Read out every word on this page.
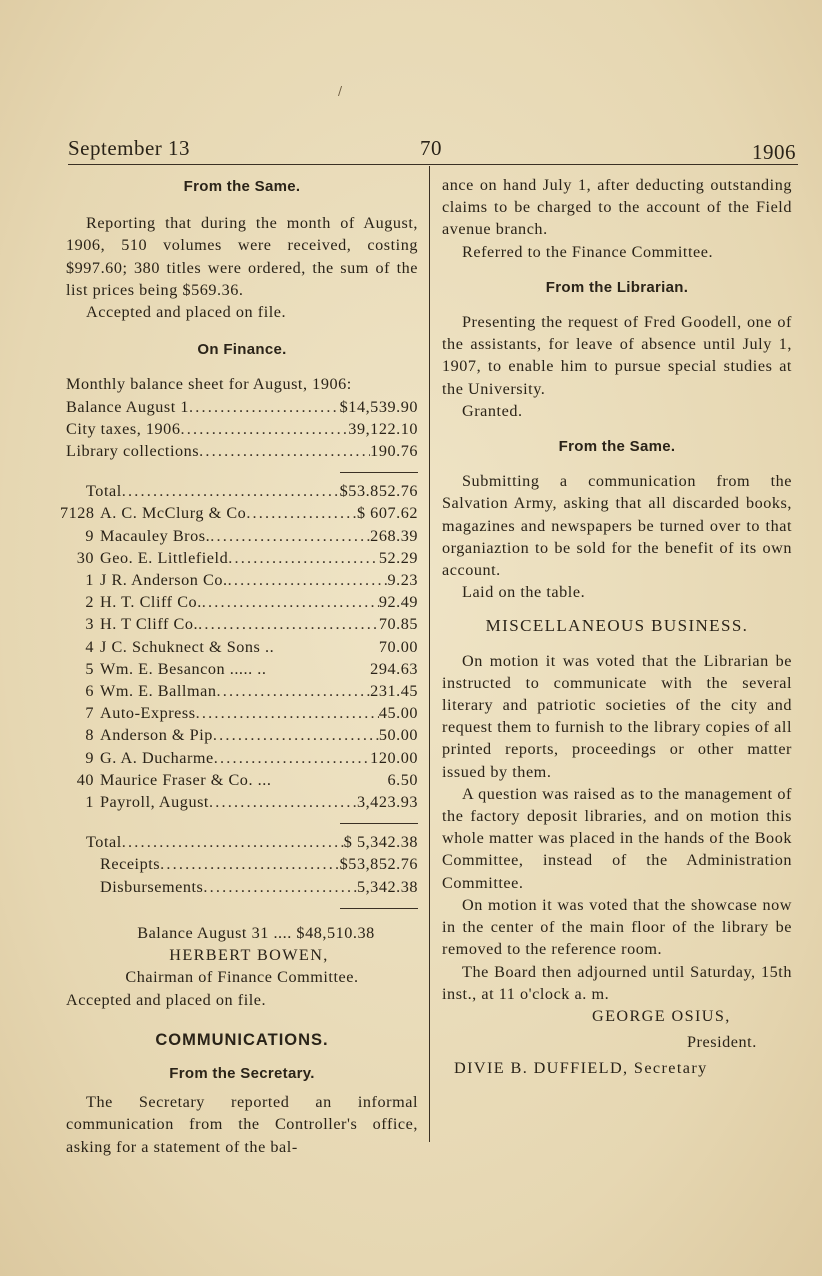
/
September 13	70	1906
From the Same.

Reporting that during the month of August, 1906, 510 volumes were received, costing $997.60; 380 titles were ordered, the sum of the list prices being $569.36.

Accepted and placed on file.

On Finance.

Monthly balance sheet for August, 1906:

Balance August 1 .....	$14,539.90
City taxes, 1906 .....	39,122.10
Library collections .....	190.76
Total .....	$53.852.76
7128 A. C. McClurg & Co .....	$ 607.62
9 Macauley Bros. .....	268.39
30 Geo. E. Littlefield .....	52.29
1 J R. Anderson Co. .....	9.23
2 H. T. Cliff Co. .....	92.49
3 H. T Cliff Co. .....	70.85
4 J C. Schuknect & Sons ..	70.00
5 Wm. E. Besancon ..... ..	294.63
6 Wm. E. Ballman .....	231.45
7 Auto-Express .....	45.00
8 Anderson & Pip .....	50.00
9 G. A. Ducharme .....	120.00
40 Maurice Fraser & Co. ...	6.50
1 Payroll, August .....	3,423.93
Total .....	$ 5,342.38
Receipts .....	$53,852.76
Disbursements .....	5,342.38

Balance August 31 .... $48,510.38

HERBERT BOWEN,

Chairman of Finance Committee.

Accepted and placed on file.

COMMUNICATIONS.
From the Secretary.

The Secretary reported an informal communication from the Controller's office, asking for a statement of the bal-

ance on hand July 1, after deducting outstanding claims to be charged to the account of the Field avenue branch.

Referred to the Finance Committee.

From the Librarian.

Presenting the request of Fred Goodell, one of the assistants, for leave of absence until July 1, 1907, to enable him to pursue special studies at the University.

Granted.

From the Same.

Submitting a communication from the Salvation Army, asking that all discarded books, magazines and newspapers be turned over to that organiaztion to be sold for the benefit of its own account.

Laid on the table.

MISCELLANEOUS BUSINESS.

On motion it was voted that the Librarian be instructed to communicate with the several literary and patriotic societies of the city and request them to furnish to the library copies of all printed reports, proceedings or other matter issued by them.

A question was raised as to the management of the factory deposit libraries, and on motion this whole matter was placed in the hands of the Book Committee, instead of the Administration Committee.

On motion it was voted that the showcase now in the center of the main floor of the library be removed to the reference room.

The Board then adjourned until Saturday, 15th inst., at 11 o'clock a. m.

GEORGE OSIUS,

President.

DIVIE B. DUFFIELD, Secretary
